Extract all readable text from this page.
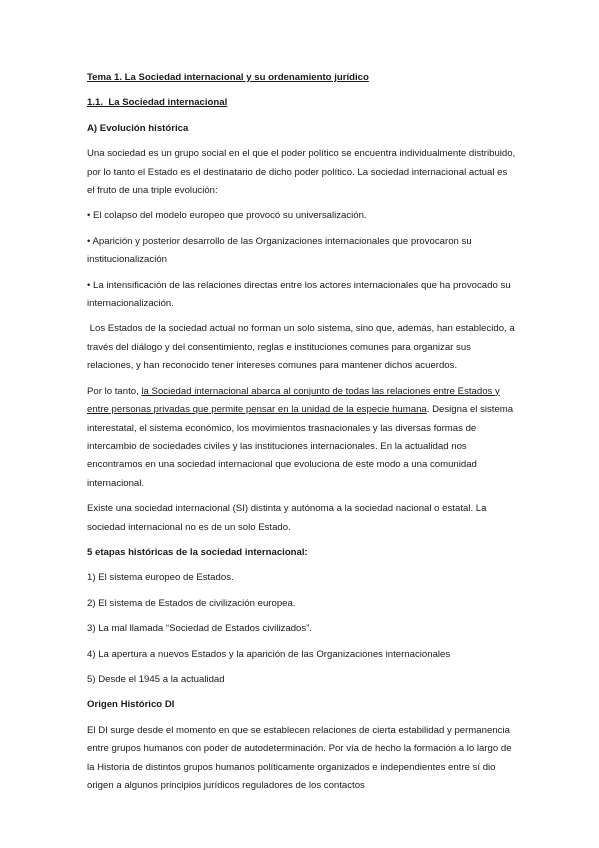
Tema 1. La Sociedad internacional y su ordenamiento jurídico

1.1. La Sociedad internacional

A) Evolución histórica

Una sociedad es un grupo social en el que el poder político se encuentra individualmente distribuido, por lo tanto el Estado es el destinatario de dicho poder político. La sociedad internacional actual es el fruto de una triple evolución:

• El colapso del modelo europeo que provocó su universalización.

• Aparición y posterior desarrollo de las Organizaciones internacionales que provocaron su institucionalización

• La intensificación de las relaciones directas entre los actores internacionales que ha provocado su internacionalización.

Los Estados de la sociedad actual no forman un solo sistema, sino que, además, han establecido, a través del diálogo y del consentimiento, reglas e instituciones comunes para organizar sus relaciones, y han reconocido tener intereses comunes para mantener dichos acuerdos.

Por lo tanto, la Sociedad internacional abarca al conjunto de todas las relaciones entre Estados y entre personas privadas que permite pensar en la unidad de la especie humana. Designa el sistema interestatal, el sistema económico, los movimientos trasnacionales y las diversas formas de intercambio de sociedades civiles y las instituciones internacionales. En la actualidad nos encontramos en una sociedad internacional que evoluciona de este modo a una comunidad internacional.

Existe una sociedad internacional (SI) distinta y autónoma a la sociedad nacional o estatal. La sociedad internacional no es de un solo Estado.

5 etapas históricas de la sociedad internacional:

1) El sistema europeo de Estados.

2) El sistema de Estados de civilización europea.

3) La mal llamada “Sociedad de Estados civilizados”.

4) La apertura a nuevos Estados y la aparición de las Organizaciones internacionales

5) Desde el 1945 a la actualidad

Origen Histórico DI

El DI surge desde el momento en que se establecen relaciones de cierta estabilidad y permanencia entre grupos humanos con poder de autodeterminación. Por vía de hecho la formación a lo largo de la Historia de distintos grupos humanos políticamente organizados e independientes entre sí dio origen a algunos principios jurídicos reguladores de los contactos
